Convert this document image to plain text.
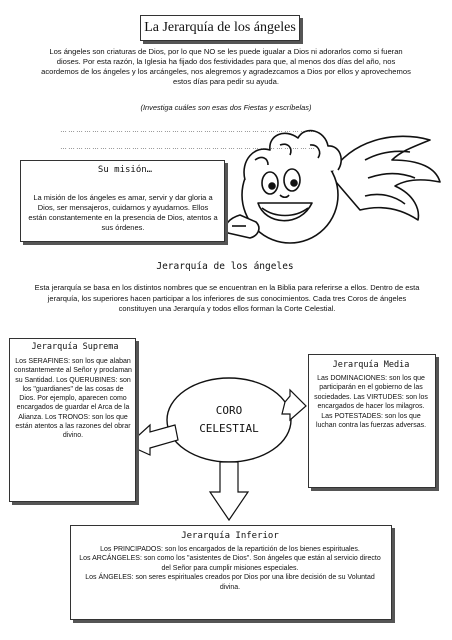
La Jerarquía de los ángeles
Los ángeles son criaturas de Dios, por lo que NO se les puede igualar a Dios ni adorarlos como si fueran dioses. Por esta razón, la Iglesia ha fijado dos festividades para que, al menos dos días del año, nos acordemos de los ángeles y los arcángeles, nos alegremos y agradezcamos a Dios por ellos y aprovechemos estos días para pedir su ayuda.
(Investiga cuáles son esas dos Fiestas y escríbelas)
……………………………………………………………………………………
……………………………………………………………………………………
Su misión…
La misión de los ángeles es amar, servir y dar gloria a Dios, ser mensajeros, cuidarnos y ayudarnos. Ellos están constantemente en la presencia de Dios, atentos a sus órdenes.
Jerarquía de los ángeles
Esta jerarquía se basa en los distintos nombres que se encuentran en la Biblia para referirse a ellos. Dentro de esta jerarquía, los superiores hacen participar a los inferiores de sus conocimientos. Cada tres Coros de ángeles constituyen una Jerarquía y todos ellos forman la Corte Celestial.
Jerarquía Suprema
Los SERAFINES: son los que alaban constantemente al Señor y proclaman su Santidad. Los QUERUBINES: son los "guardianes" de las cosas de Dios. Por ejemplo, aparecen como encargados de guardar el Arca de la Alianza. Los TRONOS: son los que están atentos a las razones del obrar divino.
CORO
CELESTIAL
Jerarquía Media
Las DOMINACIONES: son los que participarán en el gobierno de las sociedades. Las VIRTUDES: son los encargados de hacer los milagros. Las POTESTADES: son los que luchan contra las fuerzas adversas.
Jerarquía Inferior
Los PRINCIPADOS: son los encargados de la repartición de los bienes espirituales.
Los ARCÁNGELES: son como los "asistentes de Dios". Son ángeles que están al servicio directo del Señor para cumplir misiones especiales.
Los ÁNGELES: son seres espirituales creados por Dios por una libre decisión de su Voluntad divina.
